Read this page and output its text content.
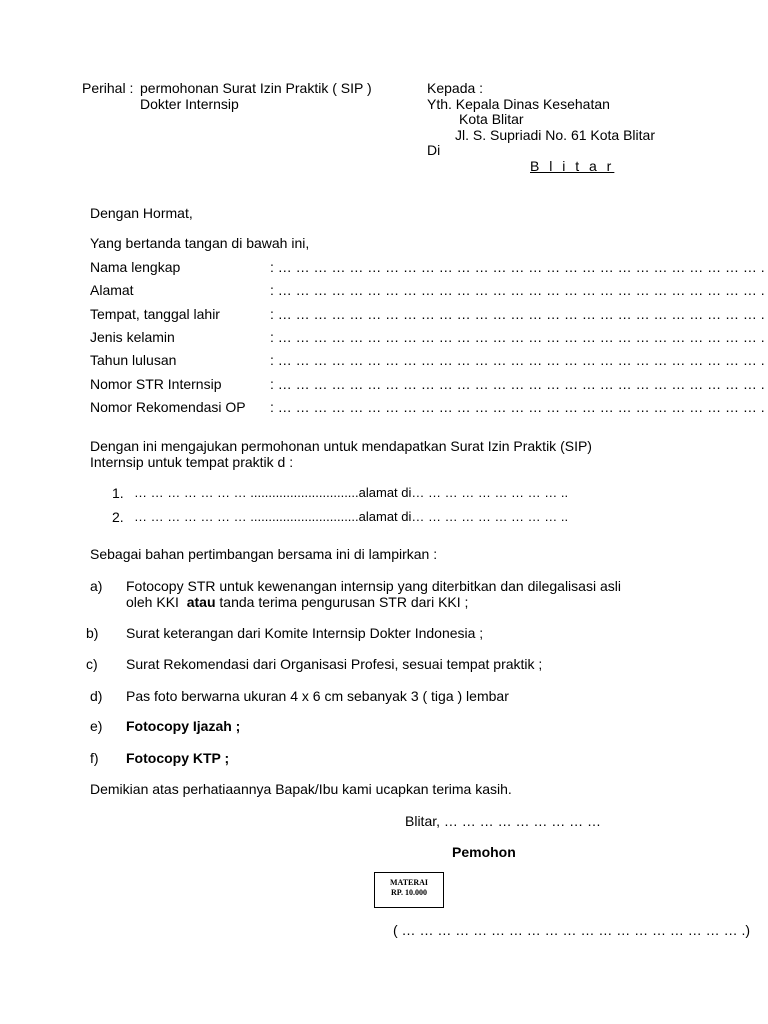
Perihal : permohonan Surat Izin Praktik ( SIP )
Dokter Internsip
Kepada :
Yth. Kepala Dinas Kesehatan
Kota Blitar
Jl. S. Supriadi No. 61 Kota Blitar
Di
B l i t a r
Dengan Hormat,
Yang bertanda tangan di bawah ini,
Nama lengkap	: … … … … … … … … … … … … … … … … … … … … … … … … … … … .
Alamat	: … … … … … … … … … … … … … … … … … … … … … … … … … … … .
Tempat, tanggal lahir	: … … … … … … … … … … … … … … … … … … … … … … … … … … … .
Jenis kelamin	: … … … … … … … … … … … … … … … … … … … … … … … … … … … .
Tahun lulusan	: … … … … … … … … … … … … … … … … … … … … … … … … … … … .
Nomor STR Internsip	: … … … … … … … … … … … … … … … … … … … … … … … … … … … .
Nomor Rekomendasi OP : … … … … … … … … … … … … … … … … … … … … … … … … … … … .
Dengan ini mengajukan permohonan untuk mendapatkan Surat Izin Praktik (SIP)
Internsip untuk tempat praktik d :
1. … … … … … … … ..............................alamat di… … … … … … … … … ..
2. … … … … … … … ..............................alamat di… … … … … … … … … ..
Sebagai bahan pertimbangan bersama ini di lampirkan :
a) Fotocopy STR untuk kewenangan internsip yang diterbitkan dan dilegalisasi asli
oleh KKI  atau tanda terima pengurusan STR dari KKI ;
b) Surat keterangan dari Komite Internsip Dokter Indonesia ;
c) Surat Rekomendasi dari Organisasi Profesi, sesuai tempat praktik ;
d) Pas foto berwarna ukuran 4 x 6 cm sebanyak 3 ( tiga ) lembar
e) Fotocopy Ijazah ;
f) Fotocopy KTP ;
Demikian atas perhatiaannya Bapak/Ibu kami ucapkan terima kasih.
Blitar, … … … … … … … … …
Pemohon
MATERAI
RP. 10.000
( … … … … … … … … … … … … … … … … … … … .)
